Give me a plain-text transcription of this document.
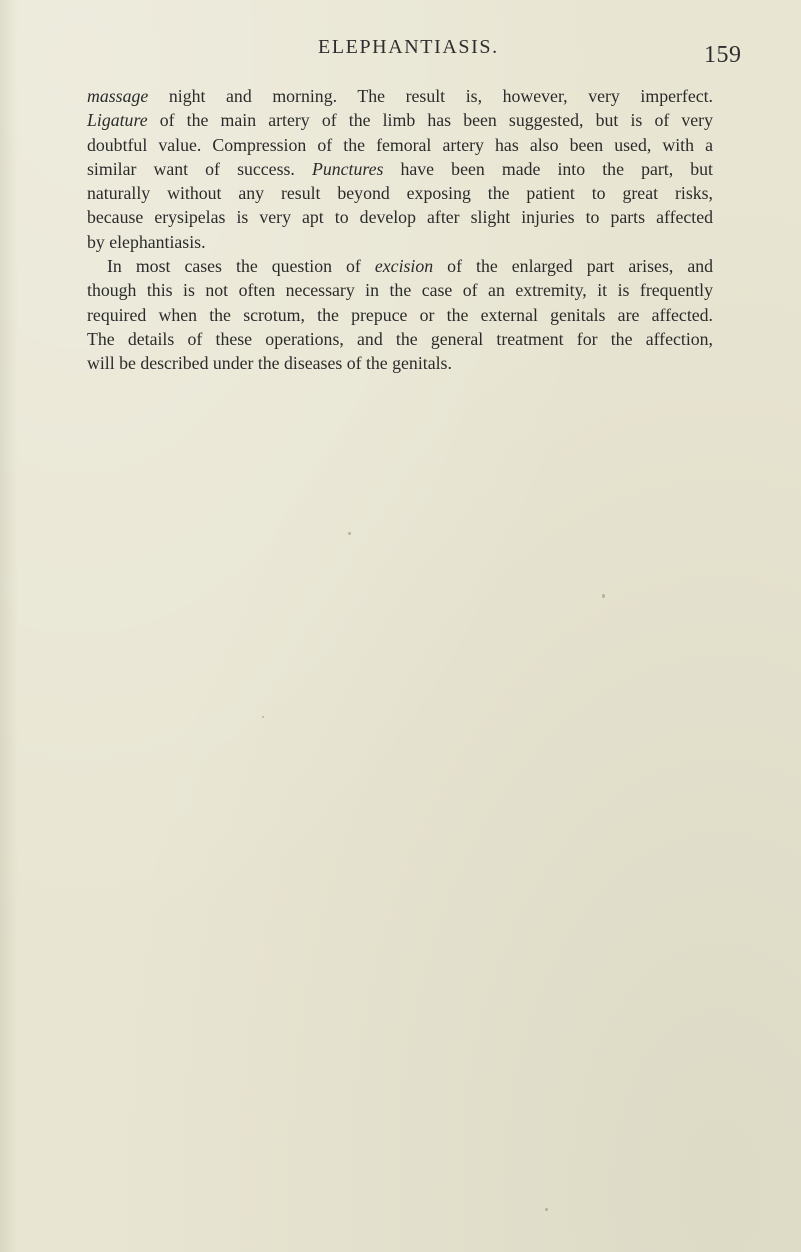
ELEPHANTIASIS.	159
massage night and morning. The result is, however, very imperfect.
Ligature of the main artery of the limb has been suggested, but is of very
doubtful value. Compression of the femoral artery has also been used, with a
similar want of success. Punctures have been made into the part, but
naturally without any result beyond exposing the patient to great risks,
because erysipelas is very apt to develop after slight injuries to parts affected
by elephantiasis.
In most cases the question of excision of the enlarged part arises, and
though this is not often necessary in the case of an extremity, it is frequently
required when the scrotum, the prepuce or the external genitals are affected.
The details of these operations, and the general treatment for the affection,
will be described under the diseases of the genitals.
